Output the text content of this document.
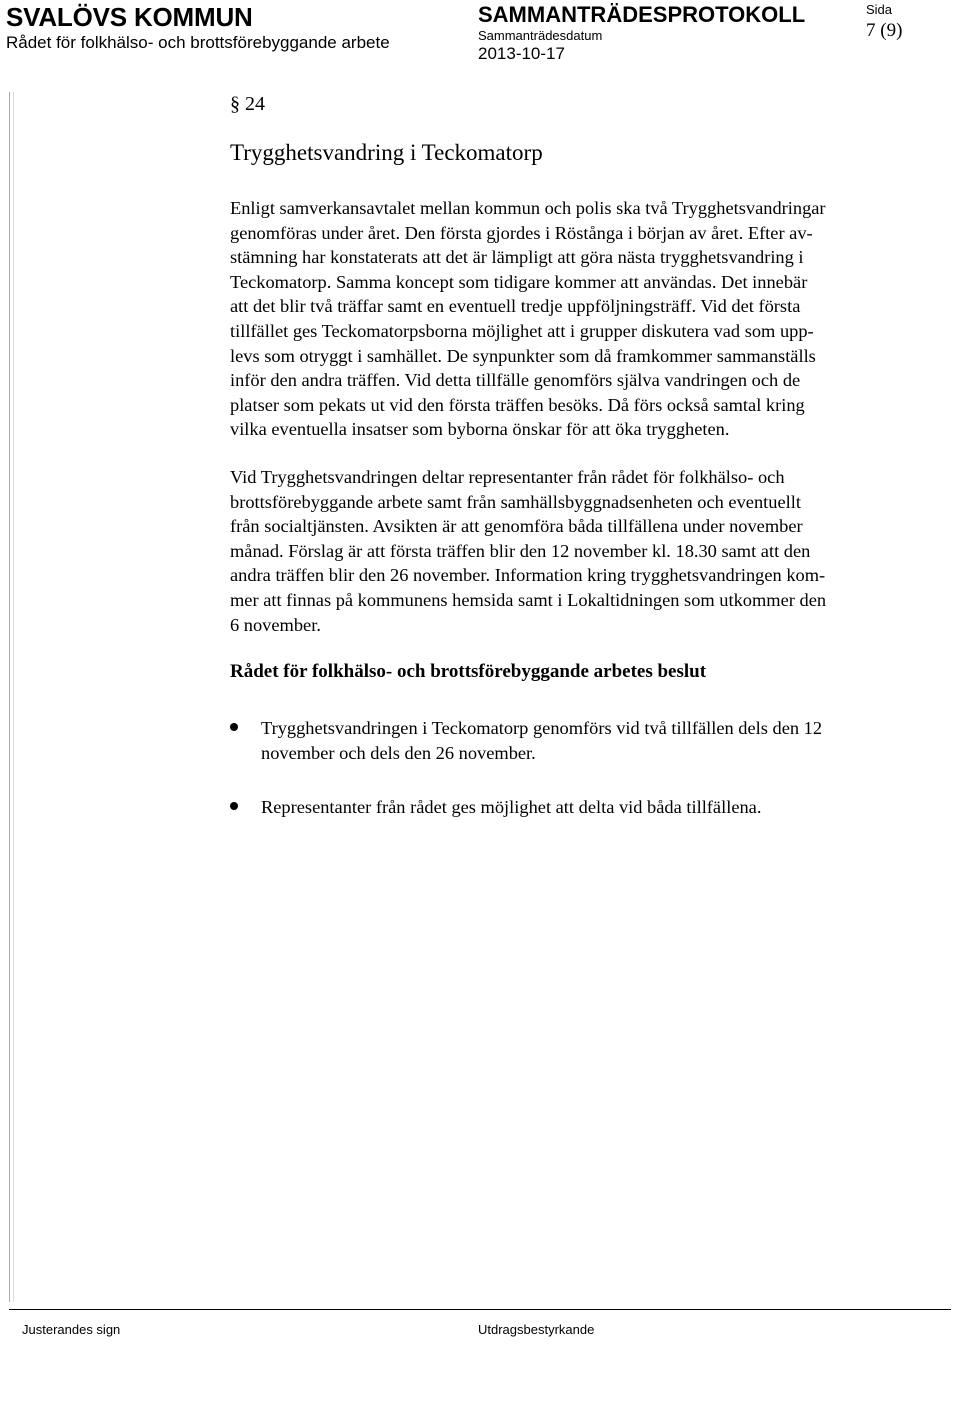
SVALÖVS KOMMUN
Rådet för folkhälso- och brottsförebyggande arbete
SAMMANTRÄDESPROTOKOLL
Sammanträdesdatum
2013-10-17
Sida
7 (9)
§ 24
Trygghetsvandring i Teckomatorp

Enligt samverkansavtalet mellan kommun och polis ska två Trygghetsvandringar

genomföras under året. Den första gjordes i Röstånga i början av året. Efter av-

stämning har konstaterats att det är lämpligt att göra nästa trygghetsvandring i

Teckomatorp. Samma koncept som tidigare kommer att användas. Det innebär

att det blir två träffar samt en eventuell tredje uppföljningsträff. Vid det första

tillfället ges Teckomatorpsborna möjlighet att i grupper diskutera vad som upp-

levs som otryggt i samhället. De synpunkter som då framkommer sammanställs

inför den andra träffen. Vid detta tillfälle genomförs själva vandringen och de

platser som pekats ut vid den första träffen besöks. Då förs också samtal kring

vilka eventuella insatser som byborna önskar för att öka tryggheten.

Vid Trygghetsvandringen deltar representanter från rådet för folkhälso- och

brottsförebyggande arbete samt från samhällsbyggnadsenheten och eventuellt

från socialtjänsten. Avsikten är att genomföra båda tillfällena under november

månad. Förslag är att första träffen blir den 12 november kl. 18.30 samt att den

andra träffen blir den 26 november. Information kring trygghetsvandringen kom-

mer att finnas på kommunens hemsida samt i Lokaltidningen som utkommer den

6 november.

Rådet för folkhälso- och brottsförebyggande arbetes beslut
Trygghetsvandringen i Teckomatorp genomförs vid två tillfällen dels den 12
november och dels den 26 november.
Representanter från rådet ges möjlighet att delta vid båda tillfällena.
Justerandes sign	Utdragsbestyrkande
